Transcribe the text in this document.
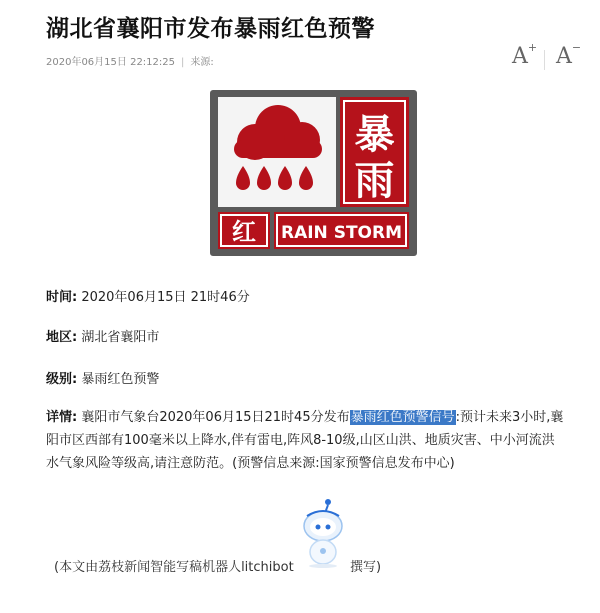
湖北省襄阳市发布暴雨红色预警
2020年06月15日 22:12:25 | 来源:	A+ A−
暴
雨
红 RAIN STORM
时间: 2020年06月15日 21时46分
地区: 湖北省襄阳市
级别: 暴雨红色预警
详情: 襄阳市气象台2020年06月15日21时45分发布暴雨红色预警信号:预计未来3小时,襄阳市区西部有100毫米以上降水,伴有雷电,阵风8-10级,山区山洪、地质灾害、中小河流洪水气象风险等级高,请注意防范。(预警信息来源:国家预警信息发布中心)
(本文由荔枝新闻智能写稿机器人litchibot	撰写)
